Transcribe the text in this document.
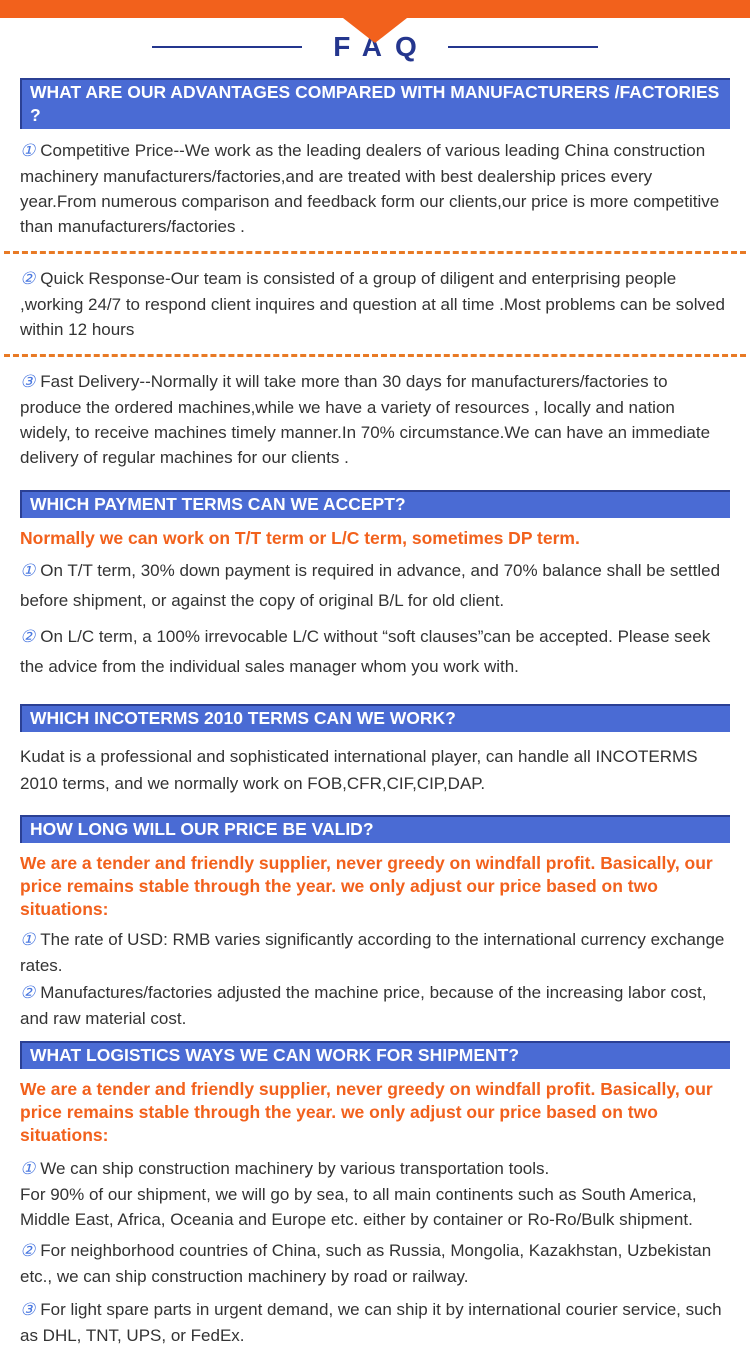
FAQ
WHAT ARE OUR ADVANTAGES COMPARED WITH MANUFACTURERS /FACTORIES ?

① Competitive Price--We work as the leading dealers of various leading China construction machinery manufacturers/factories,and are treated with best dealership prices every year.From numerous comparison and feedback form our clients,our price is more competitive than manufacturers/factories .

② Quick Response-Our team is consisted of a group of diligent and enterprising people ,working 24/7 to respond client inquires and question at all time .Most problems can be solved within 12 hours

③ Fast Delivery--Normally it will take more than 30 days for manufacturers/factories to produce the ordered machines,while we have a variety of resources , locally and nation widely, to receive machines timely manner.In 70% circumstance.We can have an immediate delivery of regular machines for our clients .

WHICH PAYMENT TERMS CAN WE ACCEPT?

Normally we can work on T/T term or L/C term, sometimes DP term.

① On T/T term, 30% down payment is required in advance, and 70% balance shall be settled before shipment, or against the copy of original B/L for old client.

② On L/C term, a 100% irrevocable L/C without “soft clauses”can be accepted. Please seek the advice from the individual sales manager whom you work with.

WHICH INCOTERMS 2010 TERMS CAN WE WORK?

Kudat is a professional and sophisticated international player, can handle all INCOTERMS 2010 terms, and we normally work on FOB,CFR,CIF,CIP,DAP.

HOW LONG WILL OUR PRICE BE VALID?

We are a tender and friendly supplier, never greedy on windfall profit. Basically, our price remains stable through the year. we only adjust our price based on two situations:

① The rate of USD: RMB varies significantly according to the international currency exchange rates.

② Manufactures/factories adjusted the machine price, because of the increasing labor cost, and raw material cost.

WHAT LOGISTICS WAYS WE CAN WORK FOR SHIPMENT?

We are a tender and friendly supplier, never greedy on windfall profit. Basically, our price remains stable through the year. we only adjust our price based on two situations:

① We can ship construction machinery by various transportation tools.

For 90% of our shipment, we will go by sea, to all main continents such as South America, Middle East, Africa, Oceania and Europe etc. either by container or Ro-Ro/Bulk shipment.

② For neighborhood countries of China, such as Russia, Mongolia, Kazakhstan, Uzbekistan etc., we can ship construction machinery by road or railway.

③ For light spare parts in urgent demand, we can ship it by international courier service, such as DHL, TNT, UPS, or FedEx.
